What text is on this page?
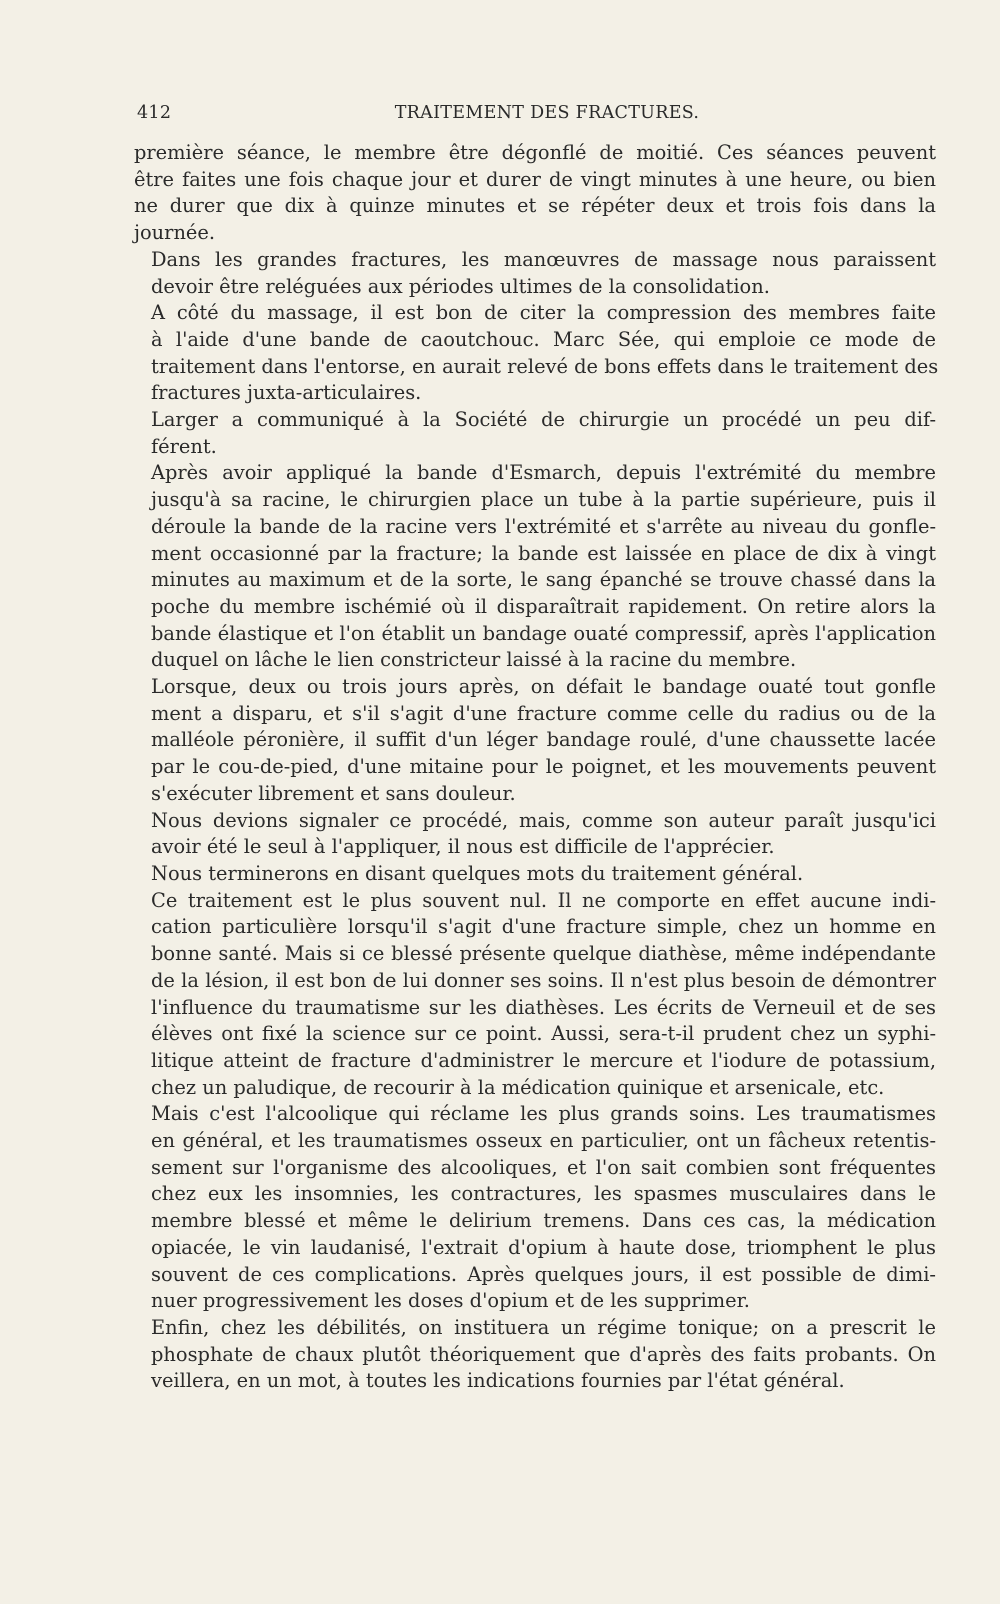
412	TRAITEMENT DES FRACTURES.

première séance, le membre être dégonflé de moitié. Ces séances peuvent
être faites une fois chaque jour et durer de vingt minutes à une heure, ou bien
ne durer que dix à quinze minutes et se répéter deux et trois fois dans la
journée.

Dans les grandes fractures, les manœuvres de massage nous paraissent
devoir être reléguées aux périodes ultimes de la consolidation.

A côté du massage, il est bon de citer la compression des membres faite
à l'aide d'une bande de caoutchouc. Marc Sée, qui emploie ce mode de
traitement dans l'entorse, en aurait relevé de bons effets dans le traitement des
fractures juxta-articulaires.

Larger a communiqué à la Société de chirurgie un procédé un peu dif-
férent.

Après avoir appliqué la bande d'Esmarch, depuis l'extrémité du membre
jusqu'à sa racine, le chirurgien place un tube à la partie supérieure, puis il
déroule la bande de la racine vers l'extrémité et s'arrête au niveau du gonfle-
ment occasionné par la fracture; la bande est laissée en place de dix à vingt
minutes au maximum et de la sorte, le sang épanché se trouve chassé dans la
poche du membre ischémié où il disparaîtrait rapidement. On retire alors la
bande élastique et l'on établit un bandage ouaté compressif, après l'application
duquel on lâche le lien constricteur laissé à la racine du membre.

Lorsque, deux ou trois jours après, on défait le bandage ouaté tout gonfle
ment a disparu, et s'il s'agit d'une fracture comme celle du radius ou de la
malléole péronière, il suffit d'un léger bandage roulé, d'une chaussette lacée
par le cou-de-pied, d'une mitaine pour le poignet, et les mouvements peuvent
s'exécuter librement et sans douleur.

Nous devions signaler ce procédé, mais, comme son auteur paraît jusqu'ici
avoir été le seul à l'appliquer, il nous est difficile de l'apprécier.

Nous terminerons en disant quelques mots du traitement général.

Ce traitement est le plus souvent nul. Il ne comporte en effet aucune indi-
cation particulière lorsqu'il s'agit d'une fracture simple, chez un homme en
bonne santé. Mais si ce blessé présente quelque diathèse, même indépendante
de la lésion, il est bon de lui donner ses soins. Il n'est plus besoin de démontrer
l'influence du traumatisme sur les diathèses. Les écrits de Verneuil et de ses
élèves ont fixé la science sur ce point. Aussi, sera-t-il prudent chez un syphi-
litique atteint de fracture d'administrer le mercure et l'iodure de potassium,
chez un paludique, de recourir à la médication quinique et arsenicale, etc.

Mais c'est l'alcoolique qui réclame les plus grands soins. Les traumatismes
en général, et les traumatismes osseux en particulier, ont un fâcheux retentis-
sement sur l'organisme des alcooliques, et l'on sait combien sont fréquentes
chez eux les insomnies, les contractures, les spasmes musculaires dans le
membre blessé et même le delirium tremens. Dans ces cas, la médication
opiacée, le vin laudanisé, l'extrait d'opium à haute dose, triomphent le plus
souvent de ces complications. Après quelques jours, il est possible de dimi-
nuer progressivement les doses d'opium et de les supprimer.

Enfin, chez les débilités, on instituera un régime tonique; on a prescrit le
phosphate de chaux plutôt théoriquement que d'après des faits probants. On
veillera, en un mot, à toutes les indications fournies par l'état général.
